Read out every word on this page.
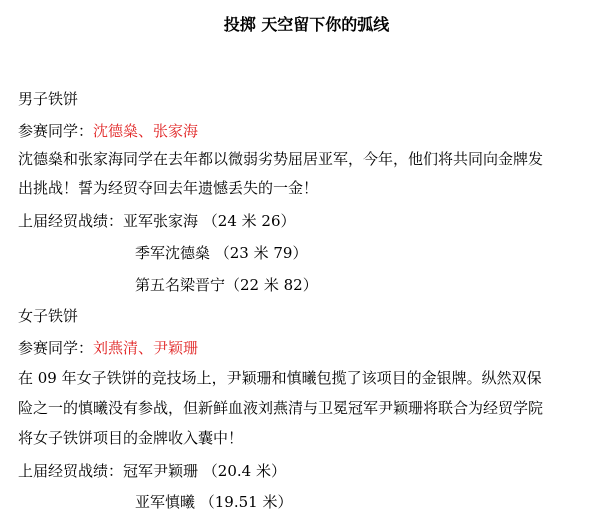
投掷 天空留下你的弧线
男子铁饼
参赛同学：沈德燊、张家海
沈德燊和张家海同学在去年都以微弱劣势屈居亚军，今年，他们将共同向金牌发
出挑战！誓为经贸夺回去年遗憾丢失的一金！
上届经贸战绩：亚军张家海 （24 米 26）
季军沈德燊 （23 米 79）
第五名梁晋宁（22 米 82）
女子铁饼
参赛同学：刘燕清、尹颖珊
在 09 年女子铁饼的竞技场上，尹颖珊和慎曦包揽了该项目的金银牌。纵然双保
险之一的慎曦没有参战，但新鲜血液刘燕清与卫冕冠军尹颖珊将联合为经贸学院
将女子铁饼项目的金牌收入囊中！
上届经贸战绩：冠军尹颖珊 （20.4 米）
亚军慎曦 （19.51 米）
